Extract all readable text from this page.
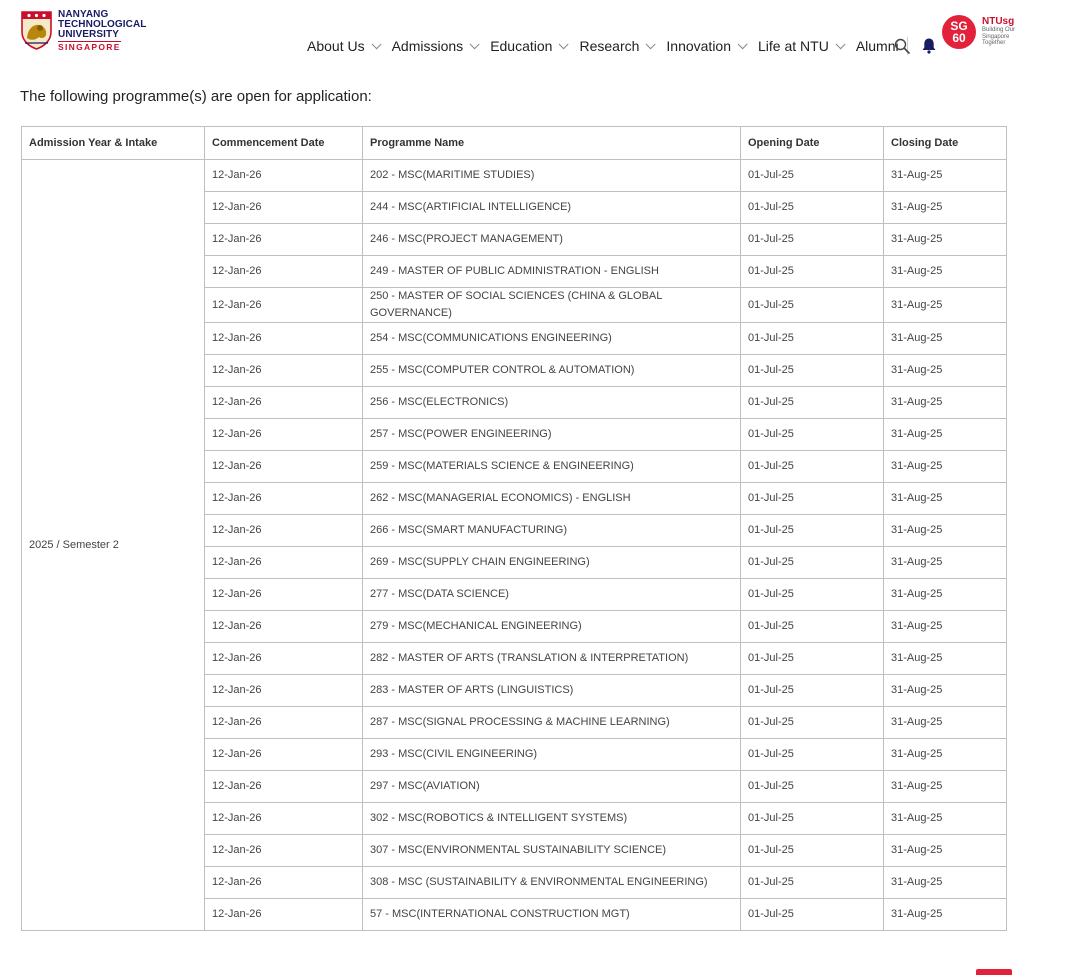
NANYANG
TECHNOLOGICAL
UNIVERSITY
SINGAPORE	About Us Admissions Education Research Innovation Life at NTU Alumni
SG
60
NTUsg
Building Our Singapore Together
The following programme(s) are open for application:
Admission Year & Intake	Commencement Date	Programme Name	Opening Date	Closing Date
2025 / Semester 2	12-Jan-26	202 - MSC(MARITIME STUDIES)	01-Jul-25	31-Aug-25
	12-Jan-26	244 - MSC(ARTIFICIAL INTELLIGENCE)	01-Jul-25	31-Aug-25
	12-Jan-26	246 - MSC(PROJECT MANAGEMENT)	01-Jul-25	31-Aug-25
	12-Jan-26	249 - MASTER OF PUBLIC ADMINISTRATION - ENGLISH	01-Jul-25	31-Aug-25
	12-Jan-26	250 - MASTER OF SOCIAL SCIENCES (CHINA & GLOBAL GOVERNANCE)	01-Jul-25	31-Aug-25
	12-Jan-26	254 - MSC(COMMUNICATIONS ENGINEERING)	01-Jul-25	31-Aug-25
	12-Jan-26	255 - MSC(COMPUTER CONTROL & AUTOMATION)	01-Jul-25	31-Aug-25
	12-Jan-26	256 - MSC(ELECTRONICS)	01-Jul-25	31-Aug-25
	12-Jan-26	257 - MSC(POWER ENGINEERING)	01-Jul-25	31-Aug-25
	12-Jan-26	259 - MSC(MATERIALS SCIENCE & ENGINEERING)	01-Jul-25	31-Aug-25
	12-Jan-26	262 - MSC(MANAGERIAL ECONOMICS) - ENGLISH	01-Jul-25	31-Aug-25
	12-Jan-26	266 - MSC(SMART MANUFACTURING)	01-Jul-25	31-Aug-25
	12-Jan-26	269 - MSC(SUPPLY CHAIN ENGINEERING)	01-Jul-25	31-Aug-25
	12-Jan-26	277 - MSC(DATA SCIENCE)	01-Jul-25	31-Aug-25
	12-Jan-26	279 - MSC(MECHANICAL ENGINEERING)	01-Jul-25	31-Aug-25
	12-Jan-26	282 - MASTER OF ARTS (TRANSLATION & INTERPRETATION)	01-Jul-25	31-Aug-25
	12-Jan-26	283 - MASTER OF ARTS (LINGUISTICS)	01-Jul-25	31-Aug-25
	12-Jan-26	287 - MSC(SIGNAL PROCESSING & MACHINE LEARNING)	01-Jul-25	31-Aug-25
	12-Jan-26	293 - MSC(CIVIL ENGINEERING)	01-Jul-25	31-Aug-25
	12-Jan-26	297 - MSC(AVIATION)	01-Jul-25	31-Aug-25
	12-Jan-26	302 - MSC(ROBOTICS & INTELLIGENT SYSTEMS)	01-Jul-25	31-Aug-25
	12-Jan-26	307 - MSC(ENVIRONMENTAL SUSTAINABILITY SCIENCE)	01-Jul-25	31-Aug-25
	12-Jan-26	308 - MSC (SUSTAINABILITY & ENVIRONMENTAL ENGINEERING)	01-Jul-25	31-Aug-25
	12-Jan-26	57 - MSC(INTERNATIONAL CONSTRUCTION MGT)	01-Jul-25	31-Aug-25
